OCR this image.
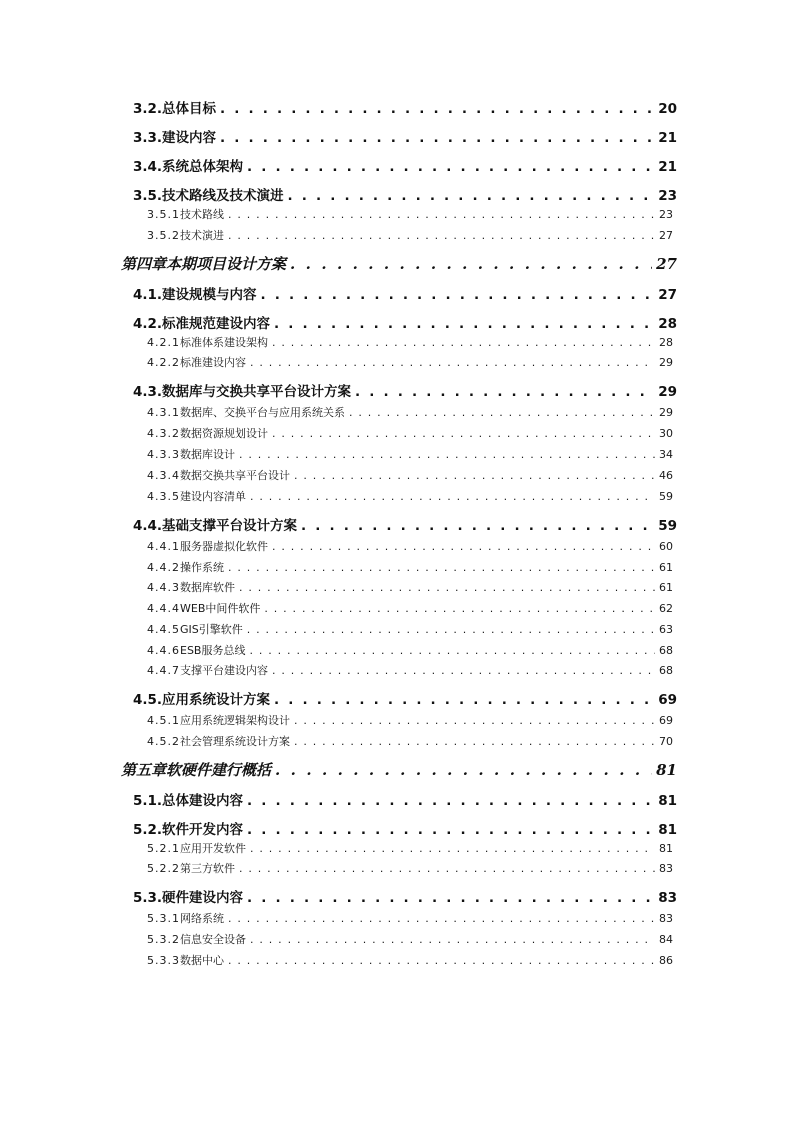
3.2. 总体目标 . . .	20
3.3. 建设内容 . . .	21
3.4. 系统总体架构 . . .	21
3.5. 技术路线及技术演进 . . .	23
3.5.1 技术路线 . . .	23
3.5.2 技术演进 . . .	27
第四章 本期项目设计方案 . . .	27
4.1. 建设规模与内容 . . .	27
4.2. 标准规范建设内容 . . .	28
4.2.1 标准体系建设架构 . . .	28
4.2.2 标准建设内容 . . .	29
4.3. 数据库与交换共享平台设计方案 . . .	29
4.3.1 数据库、交换平台与应用系统关系 . . .	29
4.3.2 数据资源规划设计 . . .	30
4.3.3 数据库设计 . . .	34
4.3.4 数据交换共享平台设计 . . .	46
4.3.5 建设内容清单 . . .	59
4.4. 基础支撑平台设计方案 . . .	59
4.4.1 服务器虚拟化软件 . . .	60
4.4.2 操作系统 . . .	61
4.4.3 数据库软件 . . .	61
4.4.4 WEB中间件软件 . . .	62
4.4.5 GIS引擎软件 . . .	63
4.4.6 ESB服务总线 . . .	68
4.4.7 支撑平台建设内容 . . .	68
4.5. 应用系统设计方案 . . .	69
4.5.1 应用系统逻辑架构设计 . . .	69
4.5.2 社会管理系统设计方案 . . .	70
第五章 软硬件建行概括 . . .	81
5.1. 总体建设内容 . . .	81
5.2. 软件开发内容 . . .	81
5.2.1 应用开发软件 . . .	81
5.2.2 第三方软件 . . .	83
5.3. 硬件建设内容 . . .	83
5.3.1 网络系统 . . .	83
5.3.2 信息安全设备 . . .	84
5.3.3 数据中心 . . .	86
